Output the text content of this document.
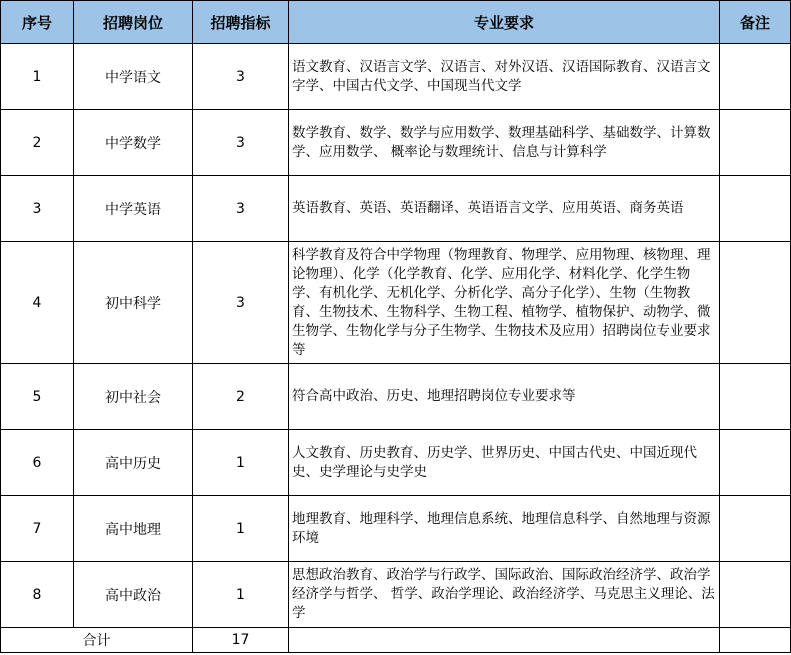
序号	招聘岗位	招聘指标	专业要求	备注
1	中学语文	3	语文教育、汉语言文学、汉语言、对外汉语、汉语国际教育、汉语言文字学、中国古代文学、中国现当代文学	
2	中学数学	3	数学教育、数学、数学与应用数学、数理基础科学、基础数学、计算数学、应用数学、 概率论与数理统计、信息与计算科学	
3	中学英语	3	英语教育、英语、英语翻译、英语语言文学、应用英语、商务英语	
4	初中科学	3	科学教育及符合中学物理（物理教育、物理学、应用物理、核物理、理论物理）、化学（化学教育、化学、应用化学、材料化学、化学生物学、有机化学、无机化学、分析化学、高分子化学）、生物（生物教育、生物技术、生物科学、生物工程、植物学、植物保护、动物学、微生物学、生物化学与分子生物学、生物技术及应用）招聘岗位专业要求等	
5	初中社会	2	符合高中政治、历史、地理招聘岗位专业要求等	
6	高中历史	1	人文教育、历史教育、历史学、世界历史、中国古代史、中国近现代史、史学理论与史学史	
7	高中地理	1	地理教育、地理科学、地理信息系统、地理信息科学、自然地理与资源环境	
8	高中政治	1	思想政治教育、政治学与行政学、国际政治、国际政治经济学、政治学经济学与哲学、 哲学、政治学理论、政治经济学、马克思主义理论、法学	
合计		17		
